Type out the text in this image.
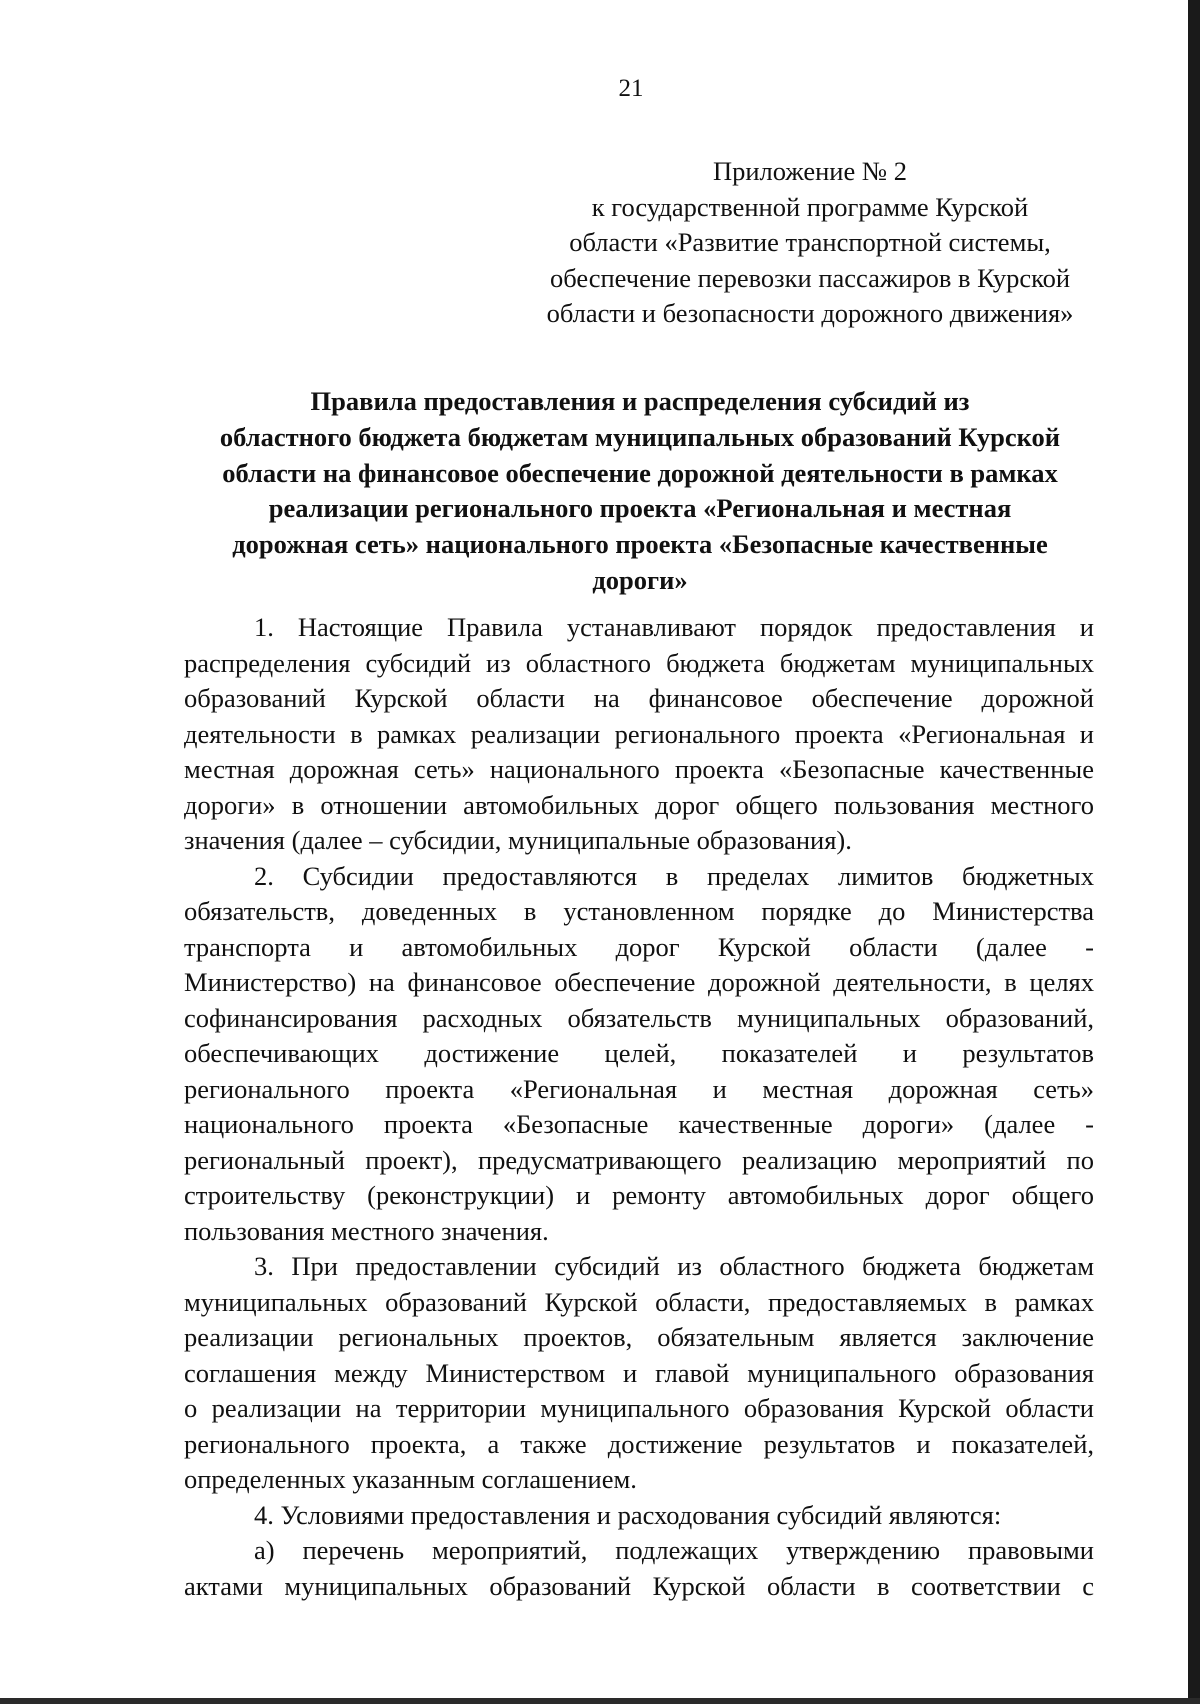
21
Приложение № 2
к государственной программе Курской
области «Развитие транспортной системы,
обеспечение перевозки пассажиров в Курской
области и безопасности дорожного движения»
Правила предоставления и распределения субсидий из
областного бюджета бюджетам муниципальных образований Курской
области на финансовое обеспечение дорожной деятельности в рамках
реализации регионального проекта «Региональная и местная
дорожная сеть» национального проекта «Безопасные качественные
дороги»
1. Настоящие Правила устанавливают порядок предоставления и
распределения субсидий из областного бюджета бюджетам муниципальных
образований Курской области на финансовое обеспечение дорожной
деятельности в рамках реализации регионального проекта «Региональная и
местная дорожная сеть» национального проекта «Безопасные качественные
дороги» в отношении автомобильных дорог общего пользования местного
значения (далее – субсидии, муниципальные образования).
2. Субсидии предоставляются в пределах лимитов бюджетных
обязательств, доведенных в установленном порядке до Министерства
транспорта и автомобильных дорог Курской области (далее -
Министерство) на финансовое обеспечение дорожной деятельности, в целях
софинансирования расходных обязательств муниципальных образований,
обеспечивающих достижение целей, показателей и результатов
регионального проекта «Региональная и местная дорожная сеть»
национального проекта «Безопасные качественные дороги» (далее -
региональный проект), предусматривающего реализацию мероприятий по
строительству (реконструкции) и ремонту автомобильных дорог общего
пользования местного значения.
3. При предоставлении субсидий из областного бюджета бюджетам
муниципальных образований Курской области, предоставляемых в рамках
реализации региональных проектов, обязательным является заключение
соглашения между Министерством и главой муниципального образования
о реализации на территории муниципального образования Курской области
регионального проекта, а также достижение результатов и показателей,
определенных указанным соглашением.
4. Условиями предоставления и расходования субсидий являются:
а) перечень мероприятий, подлежащих утверждению правовыми
актами муниципальных образований Курской области в соответствии с
